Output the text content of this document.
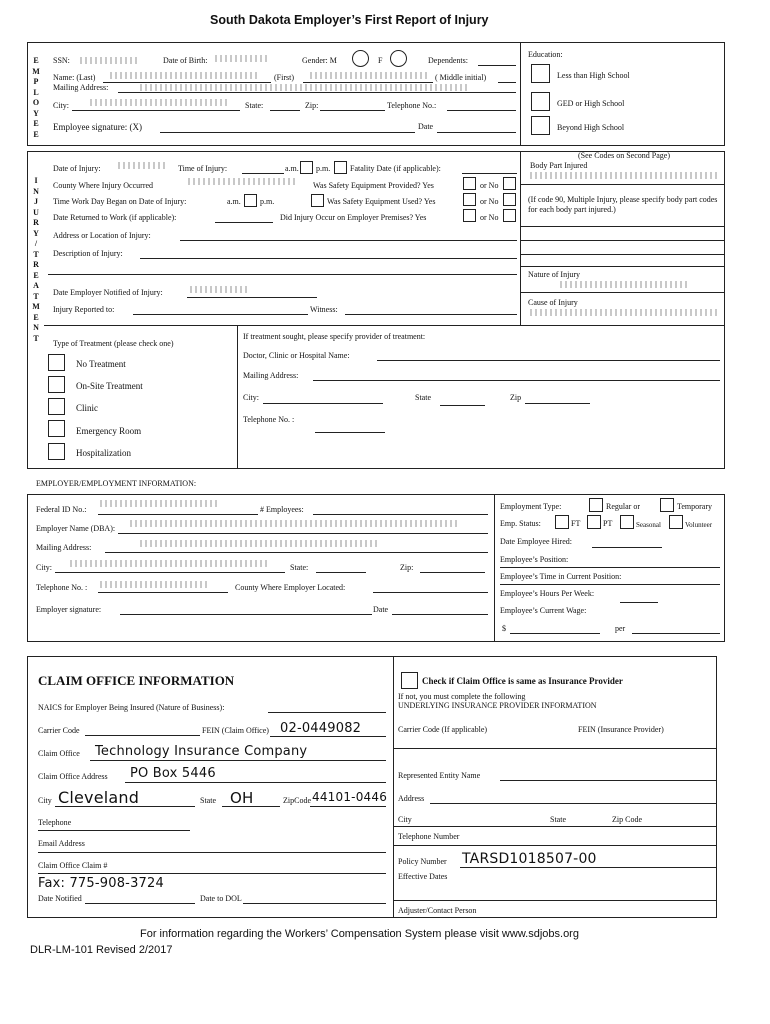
South Dakota Employer’s First Report of Injury
E
M
P
L
O
Y
E
E
SSN:	Date of Birth:	Gender: M	F	Dependents:
Name: (Last)	(First)	( Middle initial)
Mailing Address:
City:	State:	Zip:	Telephone No.:
Employee signature: (X)	Date
Education:
Less than High School
GED or High School
Beyond High School
I
N
J
U
R
Y
/
T
R
E
A
T
M
E
N
T
Date of Injury:	Time of Injury:	a.m. p.m. Fatality Date (if applicable):
County Where Injury Occurred	Was Safety Equipment Provided? Yes	or No
Time Work Day Began on Date of Injury:	a.m. p.m.	Was Safety Equipment Used? Yes	or No
Date Returned to Work (if applicable):	Did Injury Occur on Employer Premises? Yes	or No
Address or Location of Injury:
Description of Injury:
Date Employer Notified of Injury:
Injury Reported to:	Witness:
(See Codes on Second Page)
Body Part Injured
(If code 90, Multiple Injury, please specify body part codes for each body part injured.)
Nature of Injury
Cause of Injury
Type of Treatment (please check one)
No Treatment
On-Site Treatment
Clinic
Emergency Room
Hospitalization
If treatment sought, please specify provider of treatment:
Doctor, Clinic or Hospital Name:
Mailing Address:
City:	State	Zip
Telephone No. :
EMPLOYER/EMPLOYMENT INFORMATION:
Federal ID No.:	# Employees:
Employer Name (DBA):
Mailing Address:
City:	State:	Zip:
Telephone No. :	County Where Employer Located:
Employer signature:	Date
Employment Type:	Regular or	Temporary
Emp. Status:	FT	PT	Seasonal	Volunteer
Date Employee Hired:
Employee’s Position:
Employee’s Time in Current Position:
Employee’s Hours Per Week:
Employee’s Current Wage:
$	per
CLAIM OFFICE INFORMATION
NAICS for Employer Being Insured (Nature of Business):
Carrier Code	FEIN (Claim Office) 02-0449082
Claim Office Technology Insurance Company
Claim Office Address PO Box 5446
City Cleveland	State OH	ZipCode 44101-0446
Telephone
Email Address
Claim Office Claim #
Fax: 775-908-3724
Date Notified	Date to DOL
Check if Claim Office is same as Insurance Provider
If not, you must complete the following
UNDERLYING INSURANCE PROVIDER INFORMATION
Carrier Code (If applicable)	FEIN (Insurance Provider)
Represented Entity Name
Address
City	State	Zip Code
Telephone Number
Policy Number TARSD1018507-00
Effective Dates
Adjuster/Contact Person
For information regarding the Workers’ Compensation System please visit www.sdjobs.org
DLR-LM-101 Revised 2/2017
